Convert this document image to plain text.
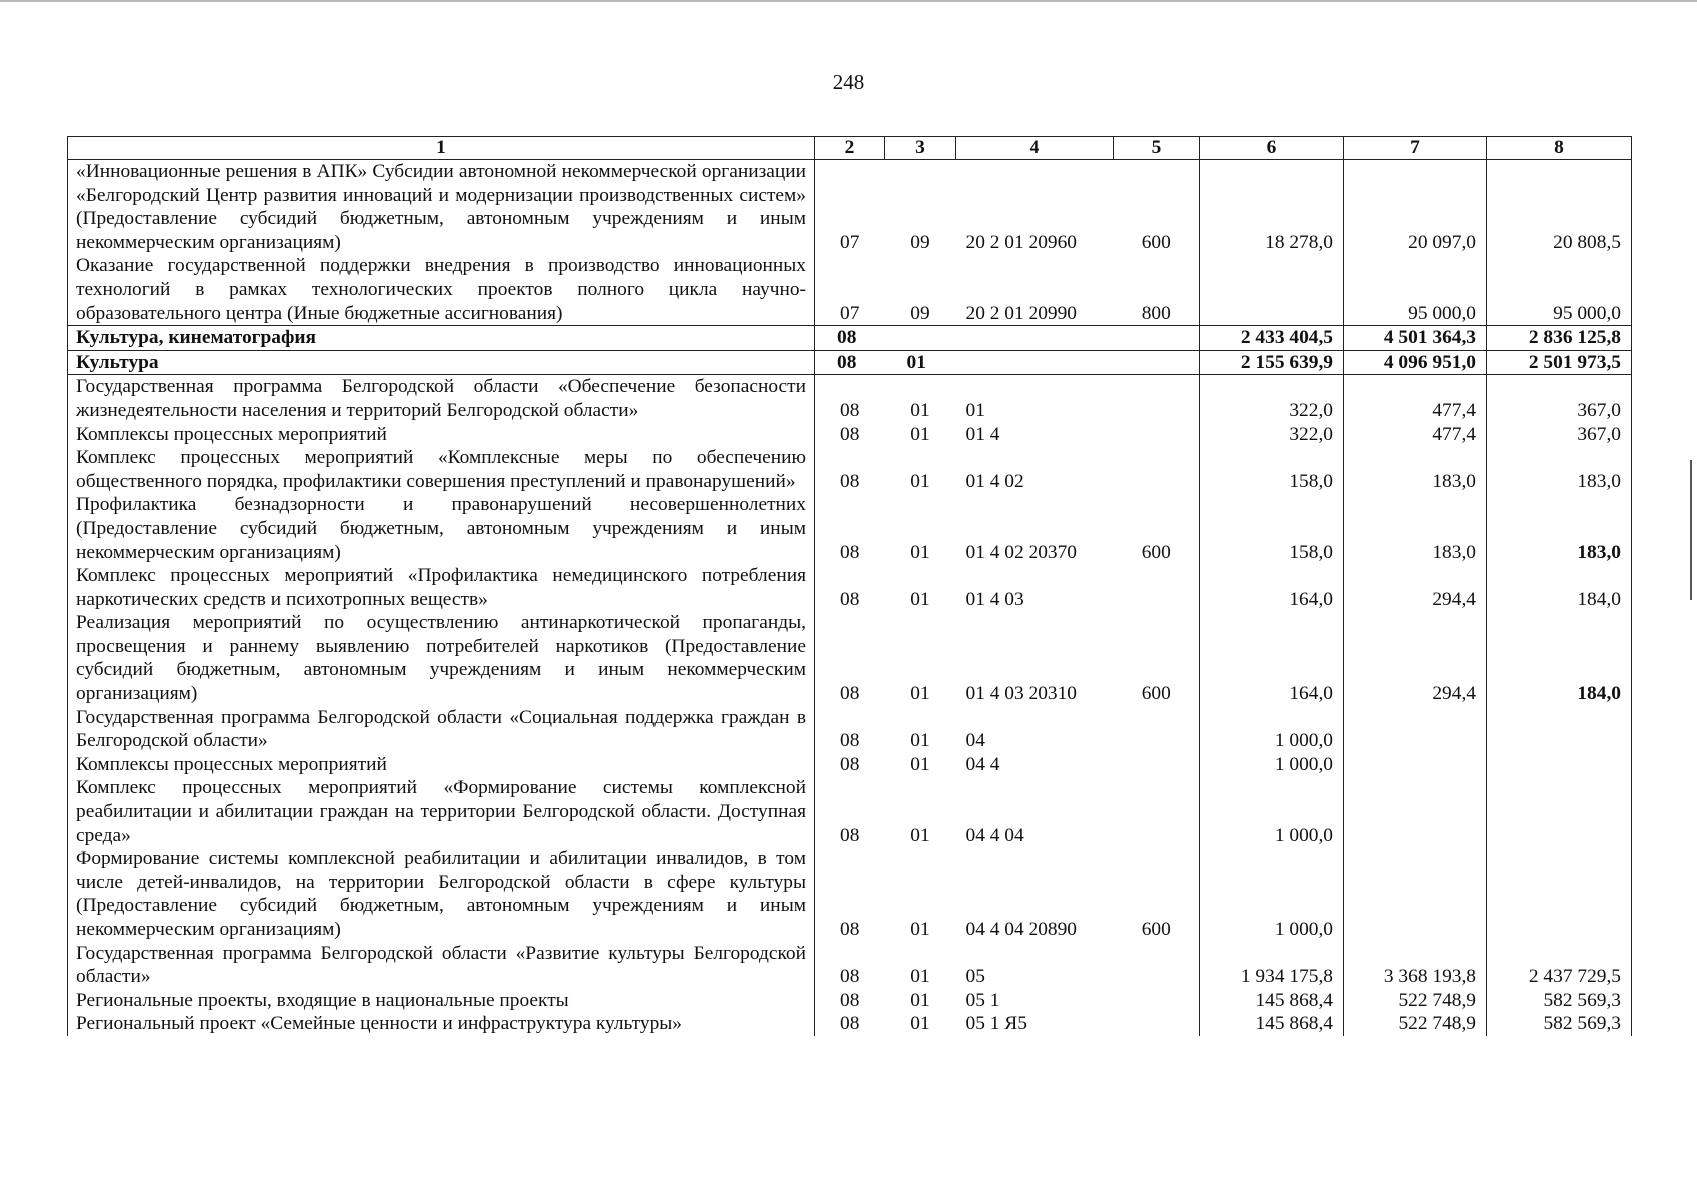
248
1	2	3	4	5	6	7	8
«Инновационные решения в АПК» Субсидии автономной некоммерческой организации «Белгородский Центр развития инноваций и модернизации производственных систем» (Предоставление субсидий бюджетным, автономным учреждениям и иным некоммерческим организациям)	07	09	20 2 01 20960	600	18 278,0	20 097,0	20 808,5
Оказание государственной поддержки внедрения в производство инновационных технологий в рамках технологических проектов полного цикла научно-образовательного центра (Иные бюджетные ассигнования)	07	09	20 2 01 20990	800		95 000,0	95 000,0
Культура, кинематография	08				2 433 404,5	4 501 364,3	2 836 125,8
Культура	08	01			2 155 639,9	4 096 951,0	2 501 973,5
Государственная программа Белгородской области «Обеспечение безопасности жизнедеятельности населения и территорий Белгородской области»	08	01	01		322,0	477,4	367,0
Комплексы процессных мероприятий	08	01	01 4		322,0	477,4	367,0
Комплекс процессных мероприятий «Комплексные меры по обеспечению общественного порядка, профилактики совершения преступлений и правонарушений»	08	01	01 4 02		158,0	183,0	183,0
Профилактика безнадзорности и правонарушений несовершеннолетних (Предоставление субсидий бюджетным, автономным учреждениям и иным некоммерческим организациям)	08	01	01 4 02 20370	600	158,0	183,0	183,0
Комплекс процессных мероприятий «Профилактика немедицинского потребления наркотических средств и психотропных веществ»	08	01	01 4 03		164,0	294,4	184,0
Реализация мероприятий по осуществлению антинаркотической пропаганды, просвещения и раннему выявлению потребителей наркотиков (Предоставление субсидий бюджетным, автономным учреждениям и иным некоммерческим организациям)	08	01	01 4 03 20310	600	164,0	294,4	184,0
Государственная программа Белгородской области «Социальная поддержка граждан в Белгородской области»	08	01	04		1 000,0		
Комплексы процессных мероприятий	08	01	04 4		1 000,0		
Комплекс процессных мероприятий «Формирование системы комплексной реабилитации и абилитации граждан на территории Белгородской области. Доступная среда»	08	01	04 4 04		1 000,0		
Формирование системы комплексной реабилитации и абилитации инвалидов, в том числе детей-инвалидов, на территории Белгородской области в сфере культуры (Предоставление субсидий бюджетным, автономным учреждениям и иным некоммерческим организациям)	08	01	04 4 04 20890	600	1 000,0		
Государственная программа Белгородской области «Развитие культуры Белгородской области»	08	01	05		1 934 175,8	3 368 193,8	2 437 729,5
Региональные проекты, входящие в национальные проекты	08	01	05 1		145 868,4	522 748,9	582 569,3
Региональный проект «Семейные ценности и инфраструктура культуры»	08	01	05 1 Я5		145 868,4	522 748,9	582 569,3
